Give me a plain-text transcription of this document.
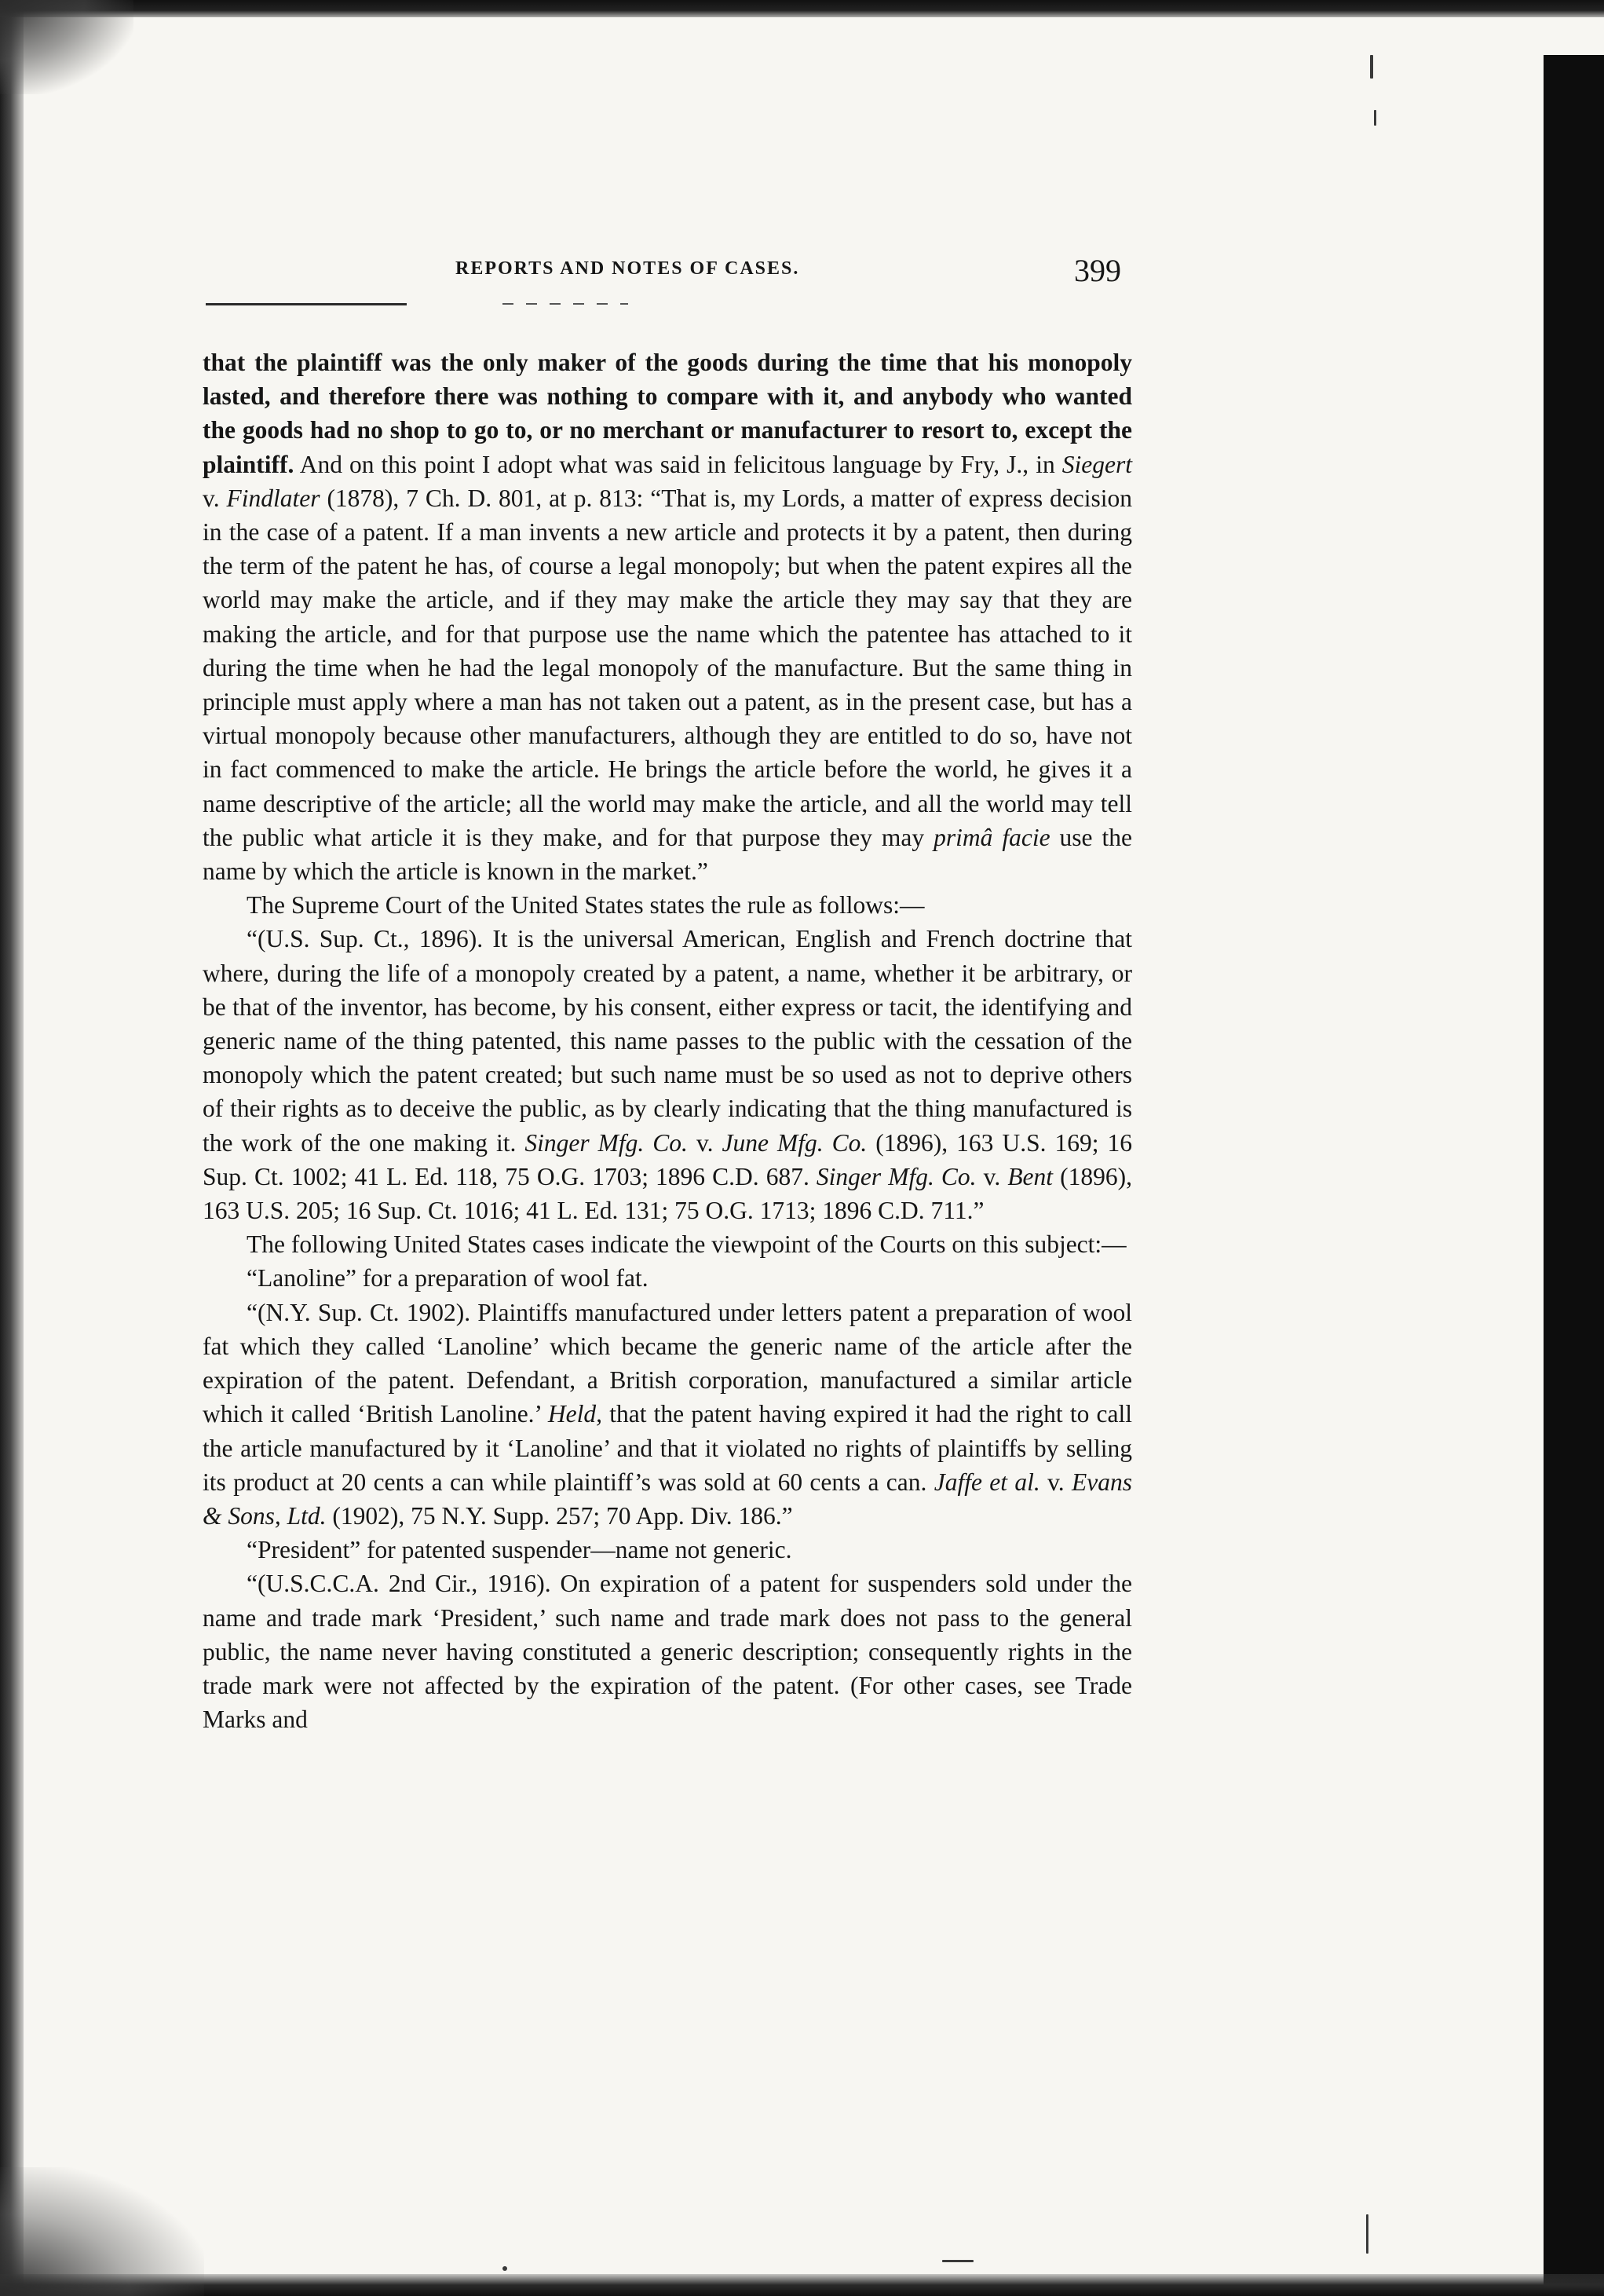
REPORTS AND NOTES OF CASES.	399

that the plaintiff was the only maker of the goods during the time that his monopoly lasted, and therefore there was nothing to compare with it, and anybody who wanted the goods had no shop to go to, or no merchant or manufacturer to resort to, except the plaintiff. And on this point I adopt what was said in felicitous language by Fry, J., in Siegert v. Findlater (1878), 7 Ch. D. 801, at p. 813: “That is, my Lords, a matter of express decision in the case of a patent. If a man invents a new article and protects it by a patent, then during the term of the patent he has, of course a legal monopoly; but when the patent expires all the world may make the article, and if they may make the article they may say that they are making the article, and for that purpose use the name which the patentee has attached to it during the time when he had the legal monopoly of the manufacture. But the same thing in principle must apply where a man has not taken out a patent, as in the present case, but has a virtual monopoly because other manufacturers, although they are entitled to do so, have not in fact commenced to make the article. He brings the article before the world, he gives it a name descriptive of the article; all the world may make the article, and all the world may tell the public what article it is they make, and for that purpose they may primâ facie use the name by which the article is known in the market.”

The Supreme Court of the United States states the rule as follows:—

“(U.S. Sup. Ct., 1896). It is the universal American, English and French doctrine that where, during the life of a monopoly created by a patent, a name, whether it be arbitrary, or be that of the inventor, has become, by his consent, either express or tacit, the identifying and generic name of the thing patented, this name passes to the public with the cessation of the monopoly which the patent created; but such name must be so used as not to deprive others of their rights as to deceive the public, as by clearly indicating that the thing manufactured is the work of the one making it. Singer Mfg. Co. v. June Mfg. Co. (1896), 163 U.S. 169; 16 Sup. Ct. 1002; 41 L. Ed. 118, 75 O.G. 1703; 1896 C.D. 687. Singer Mfg. Co. v. Bent (1896), 163 U.S. 205; 16 Sup. Ct. 1016; 41 L. Ed. 131; 75 O.G. 1713; 1896 C.D. 711.”

The following United States cases indicate the viewpoint of the Courts on this subject:—

“Lanoline” for a preparation of wool fat.

“(N.Y. Sup. Ct. 1902). Plaintiffs manufactured under letters patent a preparation of wool fat which they called ‘Lanoline’ which became the generic name of the article after the expiration of the patent. Defendant, a British corporation, manufactured a similar article which it called ‘British Lanoline.’ Held, that the patent having expired it had the right to call the article manufactured by it ‘Lanoline’ and that it violated no rights of plaintiffs by selling its product at 20 cents a can while plaintiff’s was sold at 60 cents a can. Jaffe et al. v. Evans & Sons, Ltd. (1902), 75 N.Y. Supp. 257; 70 App. Div. 186.”

“President” for patented suspender—name not generic.

“(U.S.C.C.A. 2nd Cir., 1916). On expiration of a patent for suspenders sold under the name and trade mark ‘President,’ such name and trade mark does not pass to the general public, the name never having constituted a generic description; consequently rights in the trade mark were not affected by the expiration of the patent. (For other cases, see Trade Marks and
